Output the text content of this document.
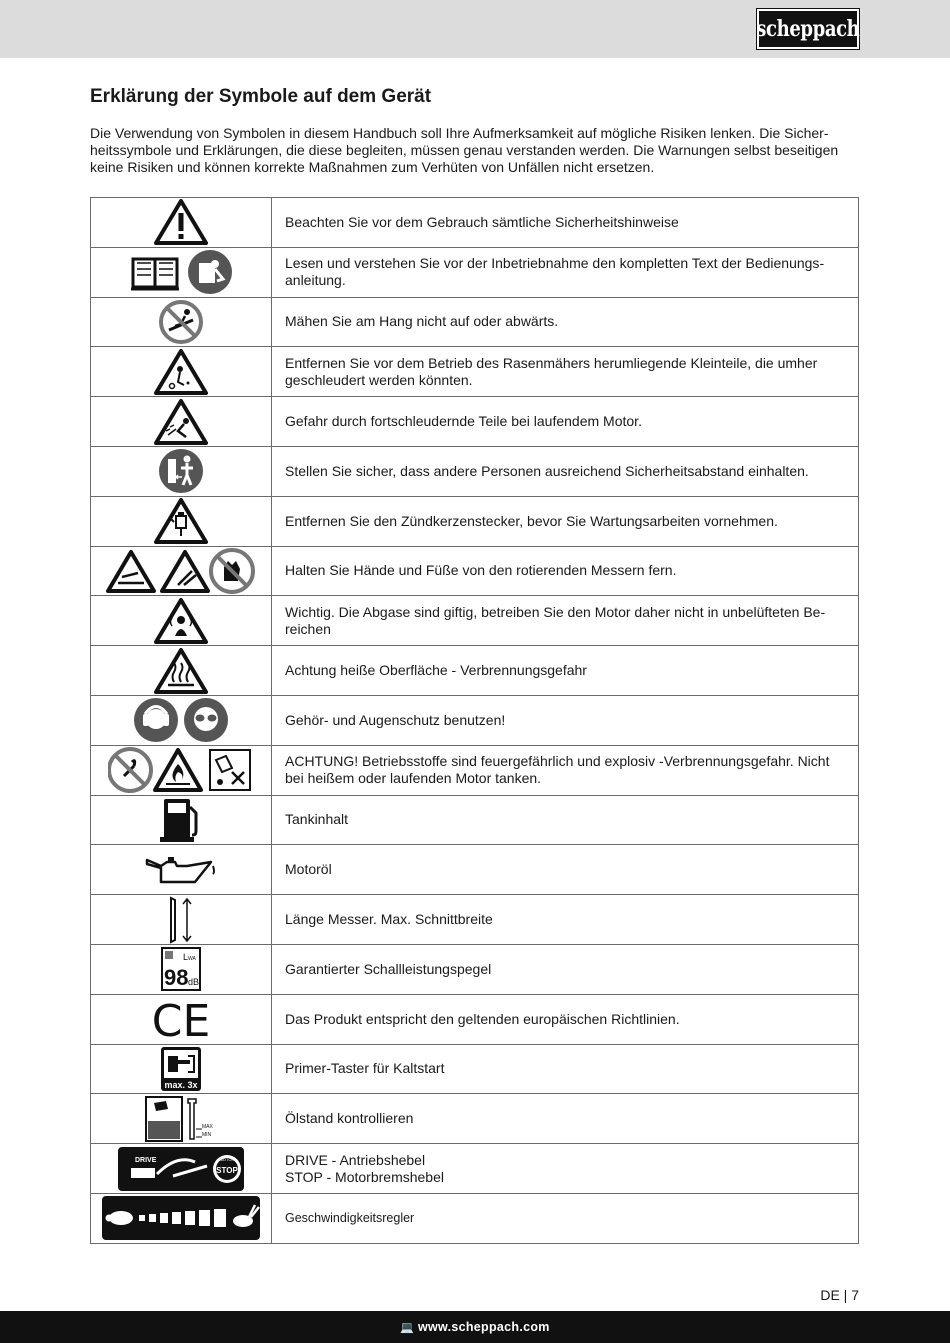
scheppach
Erklärung der Symbole auf dem Gerät

Die Verwendung von Symbolen in diesem Handbuch soll Ihre Aufmerksamkeit auf mögliche Risiken lenken. Die Sicherheitssymbole und Erklärungen, die diese begleiten, müssen genau verstanden werden. Die Warnungen selbst beseitigen keine Risiken und können korrekte Maßnahmen zum Verhüten von Unfällen nicht ersetzen.

	Beachten Sie vor dem Gebrauch sämtliche Sicherheitshinweise

	Lesen und verstehen Sie vor der Inbetriebnahme den kompletten Text der Bedienungsanleitung.

	Mähen Sie am Hang nicht auf oder abwärts.

	Entfernen Sie vor dem Betrieb des Rasenmähers herumliegende Kleinteile, die umher geschleudert werden könnten.

	Gefahr durch fortschleudernde Teile bei laufendem Motor.

	Stellen Sie sicher, dass andere Personen ausreichend Sicherheitsabstand einhalten.

	Entfernen Sie den Zündkerzenstecker, bevor Sie Wartungsarbeiten vornehmen.

	Halten Sie Hände und Füße von den rotierenden Messern fern.

	Wichtig. Die Abgase sind giftig, betreiben Sie den Motor daher nicht in unbelüfteten Bereichen

	Achtung heiße Oberfläche - Verbrennungsgefahr

	Gehör- und Augenschutz benutzen!

	ACHTUNG! Betriebsstoffe sind feuergefährlich und explosiv -Verbrennungsgefahr. Nicht bei heißem oder laufenden Motor tanken.

	Tankinhalt

	Motoröl

	Länge Messer. Max. Schnittbreite

LWA
98 dB	Garantierter Schallleistungspegel

CE	Das Produkt entspricht den geltenden europäischen Richtlinien.

max. 3x	Primer-Taster für Kaltstart

MAX
MIN	Ölstand kontrollieren

DRIVE MOTOR
STOP	DRIVE - Antriebshebel
STOP - Motorbremshebel

	Geschwindigkeitsregler
DE | 7
💻 www.scheppach.com
